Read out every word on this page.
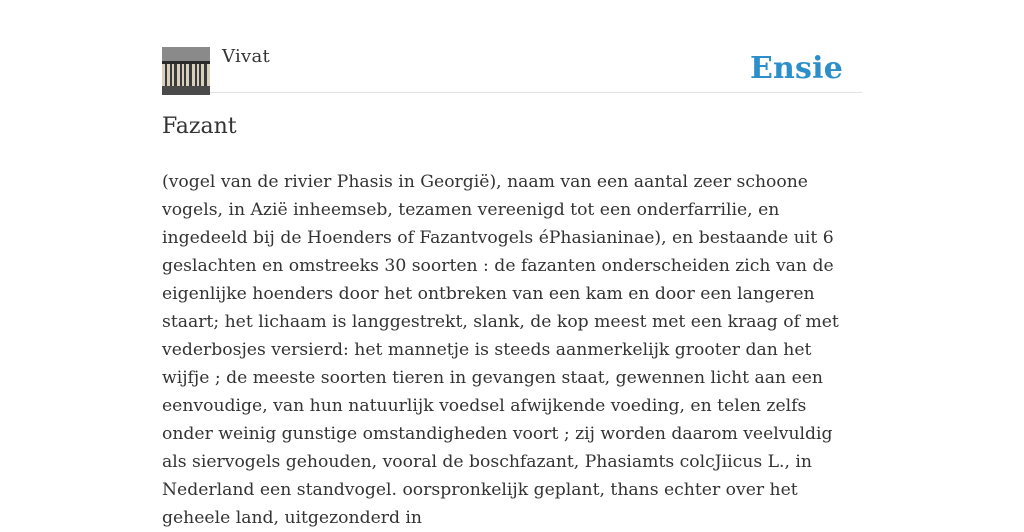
Vivat	Ensie
Fazant

(vogel van de rivier Phasis in Georgië), naam van een aantal zeer schoone vogels, in Azië inheemseb, tezamen vereenigd tot een onderfarrilie, en ingedeeld bij de Hoenders of Fazantvogels éPhasianinae), en bestaande uit 6 geslachten en omstreeks 30 soorten : de fazanten onderscheiden zich van de eigenlijke hoenders door het ontbreken van een kam en door een langeren staart; het lichaam is langgestrekt, slank, de kop meest met een kraag of met vederbosjes versierd: het mannetje is steeds aanmerkelijk grooter dan het wijfje ; de meeste soorten tieren in gevangen staat, gewennen licht aan een eenvoudige, van hun natuurlijk voedsel afwijkende voeding, en telen zelfs onder weinig gunstige omstandigheden voort ; zij worden daarom veelvuldig als siervogels gehouden, vooral de boschfazant, Phasiamts colcJiicus L., in Nederland een standvogel. oorspronkelijk geplant, thans echter over het geheele land, uitgezonderd in
